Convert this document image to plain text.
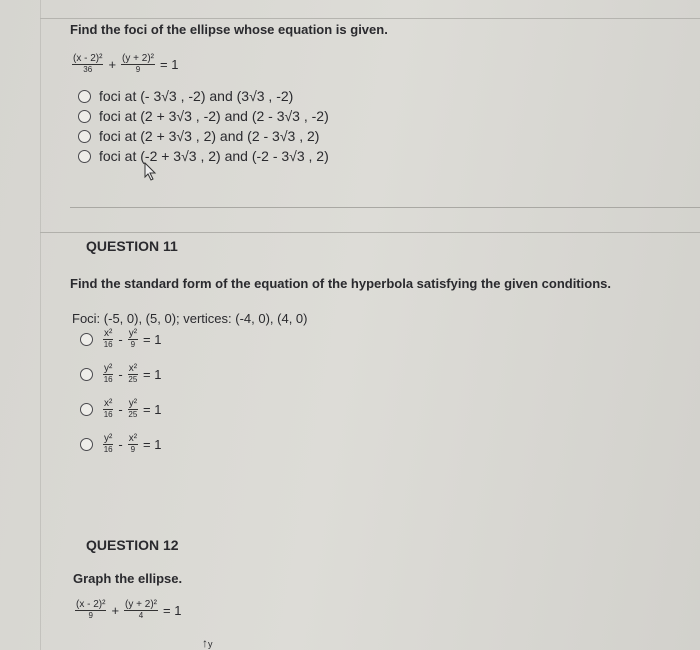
Find the foci of the ellipse whose equation is given.
$\frac{\text{(x - 2)²}}{36} + \frac{\text{(y + 2)²}}{9} = 1$
foci at (- 3√3 , -2) and (3√3 , -2)
foci at (2 + 3√3 , -2) and (2 - 3√3 , -2)
foci at (2 + 3√3 , 2) and (2 - 3√3 , 2)
foci at (-2 + 3√3 , 2) and (-2 - 3√3 , 2)
QUESTION 11
Find the standard form of the equation of the hyperbola satisfying the given conditions.
Foci: (-5, 0), (5, 0); vertices: (-4, 0), (4, 0)
$\frac{\text{x²}}{16} - \frac{\text{y²}}{9} = 1$
$\frac{\text{y²}}{16} - \frac{\text{x²}}{25} = 1$
$\frac{\text{x²}}{16} - \frac{\text{y²}}{25} = 1$
$\frac{\text{y²}}{16} - \frac{\text{x²}}{9} = 1$
QUESTION 12
Graph the ellipse.
$\frac{\text{(x - 2)²}}{9} + \frac{\text{(y + 2)²}}{4} = 1$
↑y
